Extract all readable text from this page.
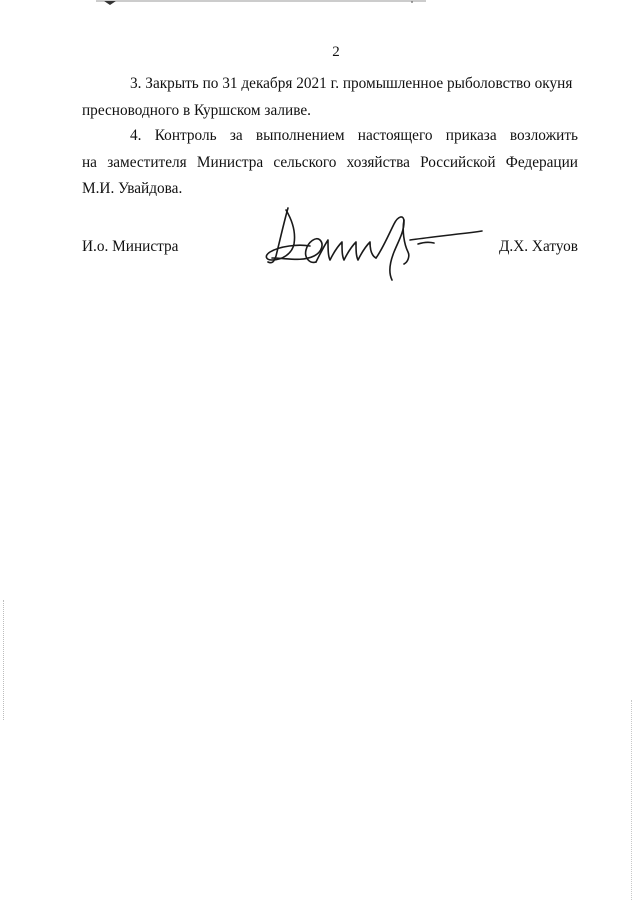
2

3. Закрыть по 31 декабря 2021 г. промышленное рыболовство окуня
пресноводного в Куршском заливе.

4. Контроль за выполнением настоящего приказа возложить
на заместителя Министра сельского хозяйства Российской Федерации
М.И. Увайдова.

И.о. Министра	Д.Х. Хатуов
